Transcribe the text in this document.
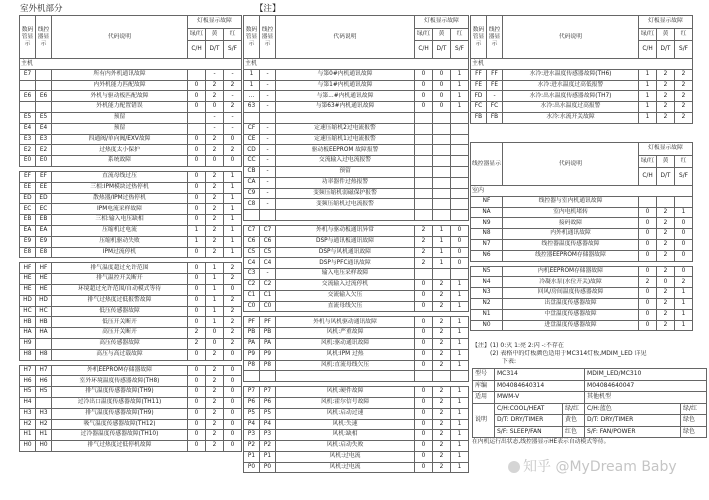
室外机部分	【注】
数码管显示	线控器显示	代码说明	灯板显示故障		
			绿/红	黄	红
			C/H	D/T	S/F
主机					
E7		所有内外机通讯故障		-	-
		内外机能力匹配故障	0	2	2
E6	E6	外机与驱动板匹配故障	0	2	-
		外机能力配置错误	0	0	2
E5	E5	预留		-	-
E4	E4	预留		-	-
E3	E3	四通阀/单向阀/EXV故障	0	2	0
E2	E2	过热度太小保护	0	2	2
E0	E0	系统故障	0	0	0

EF	EF	直流母线过压	0	2	1
EE	EE	三相:IPM模块过热停机	0	2	1
ED	ED	散热器/IPM过热停机	0	2	1
EC	EC	IPM电流采样故障	0	2	1
EB	EB	三相:输入电压缺相	0	2	1
EA	EA	压缩机过电流	1	2	1
E9	E9	压缩机驱动失败	1	2	1
E8	E8	IPM过流停机	0	2	1

HF	HF	排气温度超过允许范围	0	1	2
HE	HE	排气温控开关断开	0	1	2
HE	HE	环境超过允许范围/自动模式等待	0	1	0
HD	HD	排气过热度过低报警故障	0	1	2
HC	HC	低压传感器故障	0	1	2
HB	HB	低压开关断开	0	1	2
HA	HA	高压开关断开	2	0	2
H9		高压传感器故障	2	0	2
H8	H8	高压与高过载故障	0	2	0

H7	H7	外机EEPROM存储器故障	0	2	0
H6	H6	室外环境温度传感器故障(TH8)	0	2	0
H5	H5	排气温度传感器故障(TH9)	0	2	0
H4		过冷出口温度传感器故障(TH11)	0	2	0
H3	H3	排气温度传感器故障(TH9)	0	2	0
H2	H2	吸气温度传感器故障(TH12)	0	2	0
H1	H1	过冷器温度传感器故障(TH10)	0	2	0
H0	H0	排气过热度过低停机故障	0	2	0
数码管显示	线控器显示	代码说明	灯板显示故障		
			绿/红	黄	红
			C/H	D/T	S/F
主机					
1	-	与第0#内机通讯故障	0	0	1
1	-	与第1#内机通讯故障	0	0	1
...	-	与第...#内机通讯故障	0	0	1
63	-	与第63#内机通讯故障	0	0	1

CF	-	定速压缩机2过电流报警			
CE	-	定速压缩机1过电流报警			
CD	-	驱动板EEPROM 故障报警			
CC	-	交流输入过电流报警			
CB	-	预留			
CA	-	功率器件过热报警			
C9	-	变频压缩机弱磁保护报警			
C8	-	变频压缩机过电流报警			

C7	C7	外机与驱动板通讯异常	2	1	0
C6	C6	DSP与通讯板通讯故障	2	1	0
C5	C5	DSP与风机通讯故障	2	1	0
C4	C4	DSP与PFC通讯故障	2	1	0
C3	-	输入电压采样故障			
C2	C2	交流输入过流停机	0	2	1
C1	C1	交流输入欠压	0	2	1
C0	C0	直流母线欠压	0	2	1

PF	PF	外机与风机驱动通讯故障	0	2	1
PB	PB	风机:严重故障	0	2	1
PA	PA	风机:驱动通讯故障	0	2	1
P9	P9	风机:IPM 过热	0	2	1
P8	P8	风机:直流母线欠压	0	2	1

P7	P7	风机:硬件故障	0	2	1
P6	P6	风机:霍尔信号故障	0	2	1
P5	P5	风机:启动过速	0	2	1
P4	P4	风机:失速	0	2	1
P3	P3	风机:缺相	0	2	1
P2	P2	风机:启动失败	0	2	1
P1	P1	风机:过电流	0	2	1
P0	P0	风机:过电流	0	2	1
数码管显示	线控器显示	代码说明	灯板显示故障		
			绿/红	黄	红
			C/H	D/T	S/F
主机					
FF	FF	水冷:进水温度传感器故障(TH6)	1	2	2
FE	FE	水冷:进水温度过高低报警	1	2	2
FD	-	水冷:出水温度传感器故障(TH7)	1	2	2
FC	FC	水冷:出水温度过高报警	1	2	2
FB	FB	水冷:水流开关故障	1	2	2
线控器显示	代码说明	灯板显示故障		
		绿/红	黄	红
		C/H	D/T	S/F
室内				
NF	线控器与室内机通讯故障			
NA	室内电机堵转	0	2	1
N9	接码故障	0	2	0
N8	内外机通讯故障	0	2	0
N7	线控器温度传感器故障	0	2	0
N6	线控器EEPROM存储器故障	0	2	0

N5	内机EEPROM存储器故障	0	2	0
N4	冷凝水泵(水位开关)故障	2	0	2
N3	回风/房间温度传感器故障	0	2	1
N2	出盘温度传感器故障	0	2	1
N1	中盘温度传感器故障	0	2	1
N0	进盘温度传感器故障	0	2	1
【注】(1) 0:灭 1:亮 2:闪 -:不存在
(2) 表格中的灯板颜色适用于MC314灯板,MDIM_LED 详见
下表:
型号	MC314		MDIM_LED/MC310	
库编	M04084640314		M04084640047	
适用	MWM-V		其他机型	
说明	C/H:COOL/HEAT	绿/红	C/H:蓝色	绿/红
	D/T: DRY/TIMER	黄色	D/T: DRY/TIMER	绿色
	S/F: SLEEP/FAN	红色	S/F: FAN/POWER	绿色
在内机运行出状态,线控器显示HE表示自动模式等待。
知乎 @MyDream Baby
